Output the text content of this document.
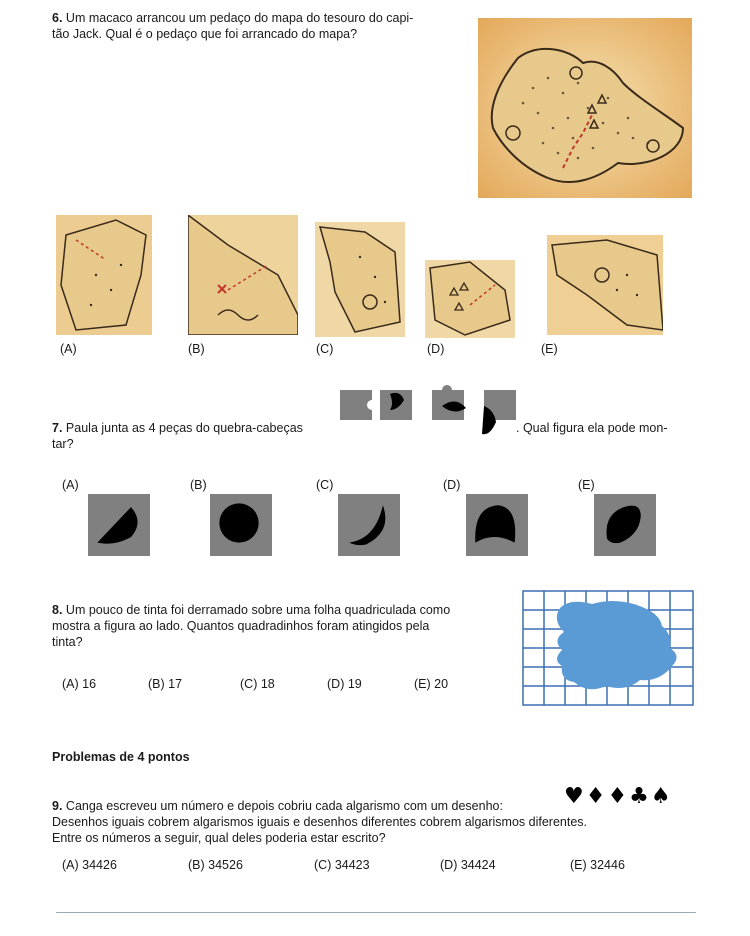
6. Um macaco arrancou um pedaço do mapa do tesouro do capi-
tão Jack. Qual é o pedaço que foi arrancado do mapa?
(A)	(B)	(C)	(D)	(E)
7. Paula junta as 4 peças do quebra-cabeças	. Qual figura ela pode mon-
tar?
(A)	(B)	(C)	(D)	(E)
8. Um pouco de tinta foi derramado sobre uma folha quadriculada como
mostra a figura ao lado. Quantos quadradinhos foram atingidos pela
tinta?
(A) 16	(B) 17	(C) 18	(D) 19	(E) 20
Problemas de 4 pontos
9. Canga escreveu um número e depois cobriu cada algarismo com um desenho:
Desenhos iguais cobrem algarismos iguais e desenhos diferentes cobrem algarismos diferentes.
Entre os números a seguir, qual deles poderia estar escrito?
♥♦♦♣♠
(A) 34426	(B) 34526	(C) 34423	(D) 34424	(E) 32446
